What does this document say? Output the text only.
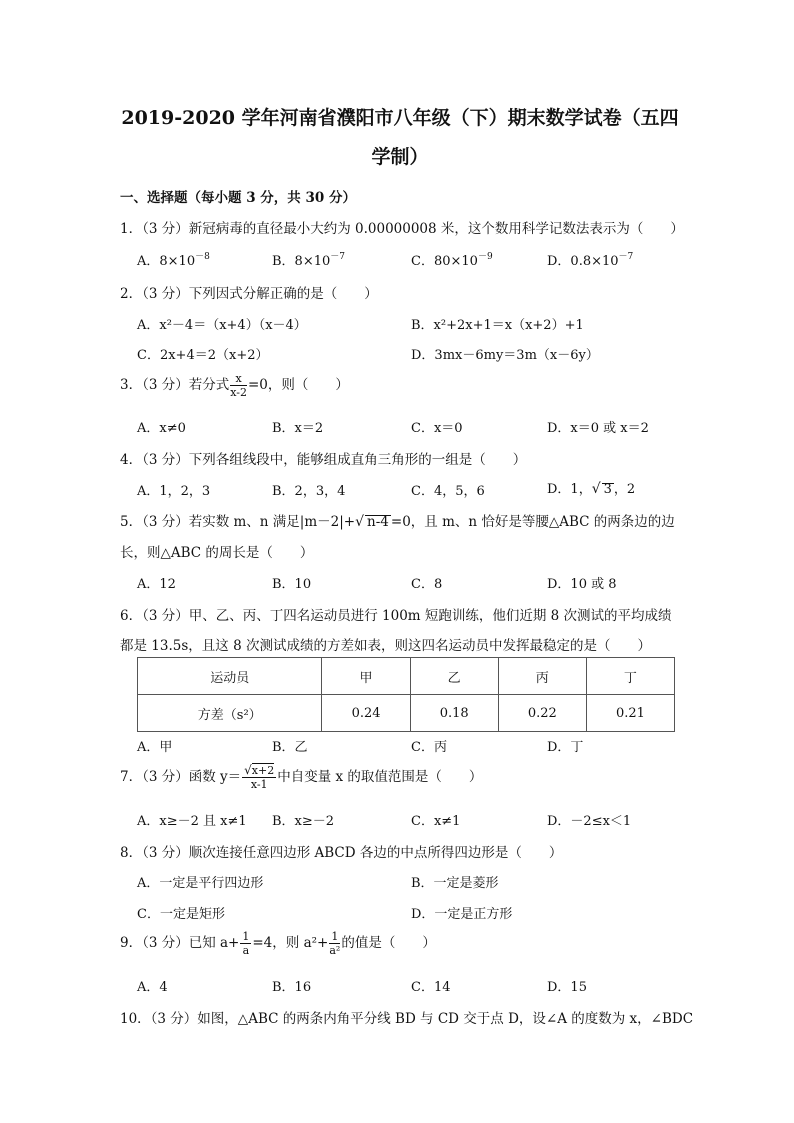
2019-2020 学年河南省濮阳市八年级（下）期末数学试卷（五四
学制）
一、选择题（每小题 3 分，共 30 分）
1．（3 分）新冠病毒的直径最小大约为 0.00000008 米，这个数用科学记数法表示为（　　）
A．$8\times 10^{-8}$	B．$8\times 10^{-7}$	C．$80\times 10^{-9}$	D．$0.8\times 10^{-7}$
2．（3 分）下列因式分解正确的是（　　）
A．x²－4＝（x+4）（x－4）	B．x²+2x+1＝x（x+2）+1
C．2x+4＝2（x+2）	D．3mx－6my＝3m（x－6y）
3．（3 分）若分式 $\frac{x}{x-2} =0$，则（　　）
A．x≠0	B．x＝2	C．x＝0	D．x＝0 或 x＝2
4．（3 分）下列各组线段中，能够组成直角三角形的一组是（　　）
A．1，2，3	B．2，3，4	C．4，5，6	D．1，√ 3 ，2
5．（3 分）若实数 m、n 满足|m－2|+√ n-4 =0，且 m、n 恰好是等腰△ABC 的两条边的边
长，则△ABC 的周长是（　　）
A．12	B．10	C．8	D．10 或 8
6．（3 分）甲、乙、丙、丁四名运动员进行 100m 短跑训练，他们近期 8 次测试的平均成绩
都是 13.5s，且这 8 次测试成绩的方差如表，则这四名运动员中发挥最稳定的是（　　）
运动员	甲	乙	丙	丁
方差（s²）	0.24	0.18	0.22	0.21
A．甲	B．乙	C．丙	D．丁
7．（3 分）函数 $y= \frac{√x+2}{x-1}$ 中自变量 x 的取值范围是（　　）
A．x≥－2 且 x≠1 B．x≥－2	C．x≠1	D．－2≤x＜1
8．（3 分）顺次连接任意四边形 ABCD 各边的中点所得四边形是（　　）
A．一定是平行四边形	B．一定是菱形
C．一定是矩形	D．一定是正方形
9．（3 分）已知 $a+ \frac{1}{a} =4$，则 $a^2+ \frac{1}{\text{a²}}$ 的值是（　　）
A．4	B．16	C．14	D．15
10．（3 分）如图，△ABC 的两条内角平分线 BD 与 CD 交于点 D，设∠A 的度数为 x，∠BDC
